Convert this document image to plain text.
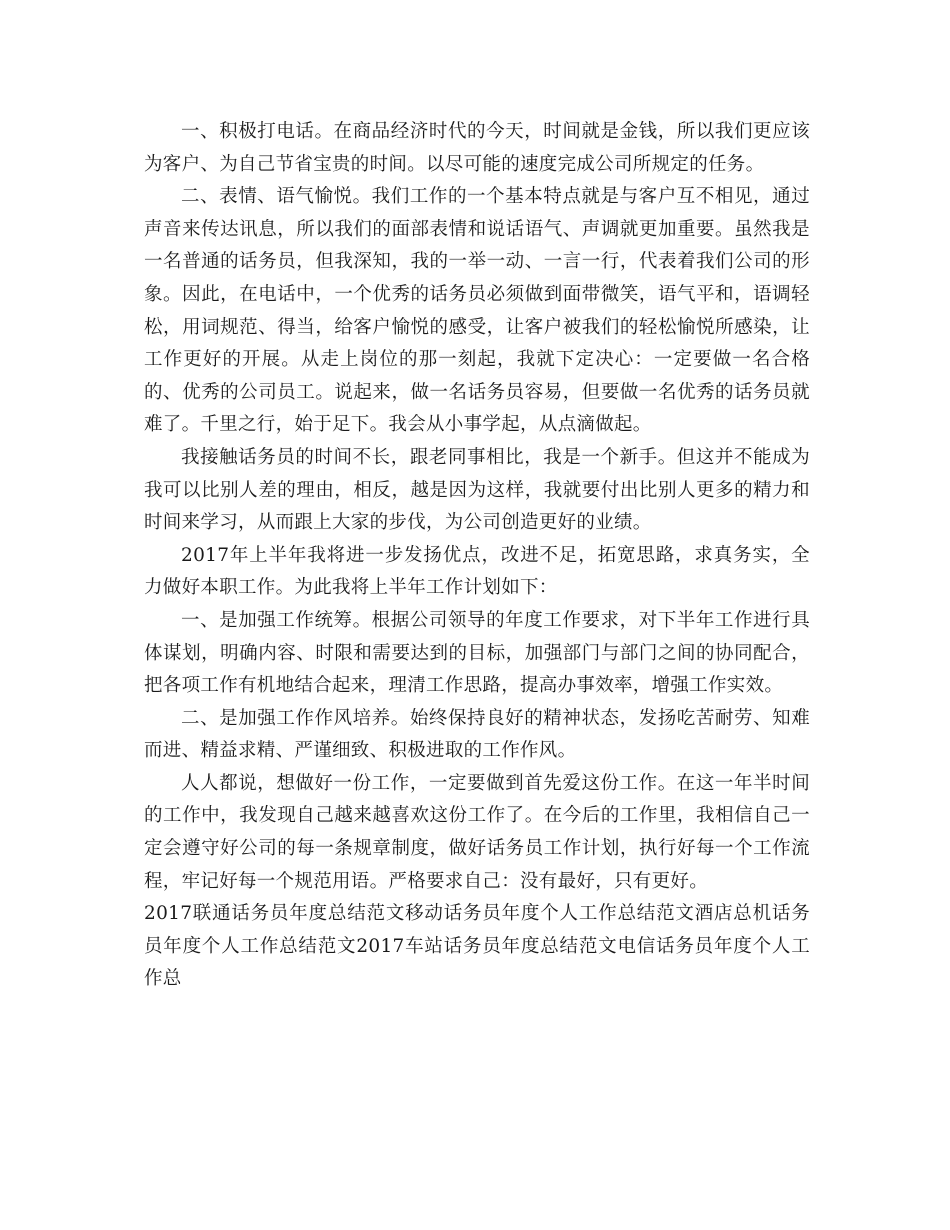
一、积极打电话。在商品经济时代的今天，时间就是金钱，所以我们更应该为客户、为自己节省宝贵的时间。以尽可能的速度完成公司所规定的任务。

二、表情、语气愉悦。我们工作的一个基本特点就是与客户互不相见，通过声音来传达讯息，所以我们的面部表情和说话语气、声调就更加重要。虽然我是一名普通的话务员，但我深知，我的一举一动、一言一行，代表着我们公司的形象。因此，在电话中，一个优秀的话务员必须做到面带微笑，语气平和，语调轻松，用词规范、得当，给客户愉悦的感受，让客户被我们的轻松愉悦所感染，让工作更好的开展。从走上岗位的那一刻起，我就下定决心：一定要做一名合格的、优秀的公司员工。说起来，做一名话务员容易，但要做一名优秀的话务员就难了。千里之行，始于足下。我会从小事学起，从点滴做起。

我接触话务员的时间不长，跟老同事相比，我是一个新手。但这并不能成为我可以比别人差的理由，相反，越是因为这样，我就要付出比别人更多的精力和时间来学习，从而跟上大家的步伐，为公司创造更好的业绩。

2017年上半年我将进一步发扬优点，改进不足，拓宽思路，求真务实，全力做好本职工作。为此我将上半年工作计划如下：

一、是加强工作统筹。根据公司领导的年度工作要求，对下半年工作进行具体谋划，明确内容、时限和需要达到的目标，加强部门与部门之间的协同配合，把各项工作有机地结合起来，理清工作思路，提高办事效率，增强工作实效。

二、是加强工作作风培养。始终保持良好的精神状态，发扬吃苦耐劳、知难而进、精益求精、严谨细致、积极进取的工作作风。

人人都说，想做好一份工作，一定要做到首先爱这份工作。在这一年半时间的工作中，我发现自己越来越喜欢这份工作了。在今后的工作里，我相信自己一定会遵守好公司的每一条规章制度，做好话务员工作计划，执行好每一个工作流程，牢记好每一个规范用语。严格要求自己：没有最好，只有更好。

2017联通话务员年度总结范文移动话务员年度个人工作总结范文酒店总机话务员年度个人工作总结范文2017车站话务员年度总结范文电信话务员年度个人工作总
